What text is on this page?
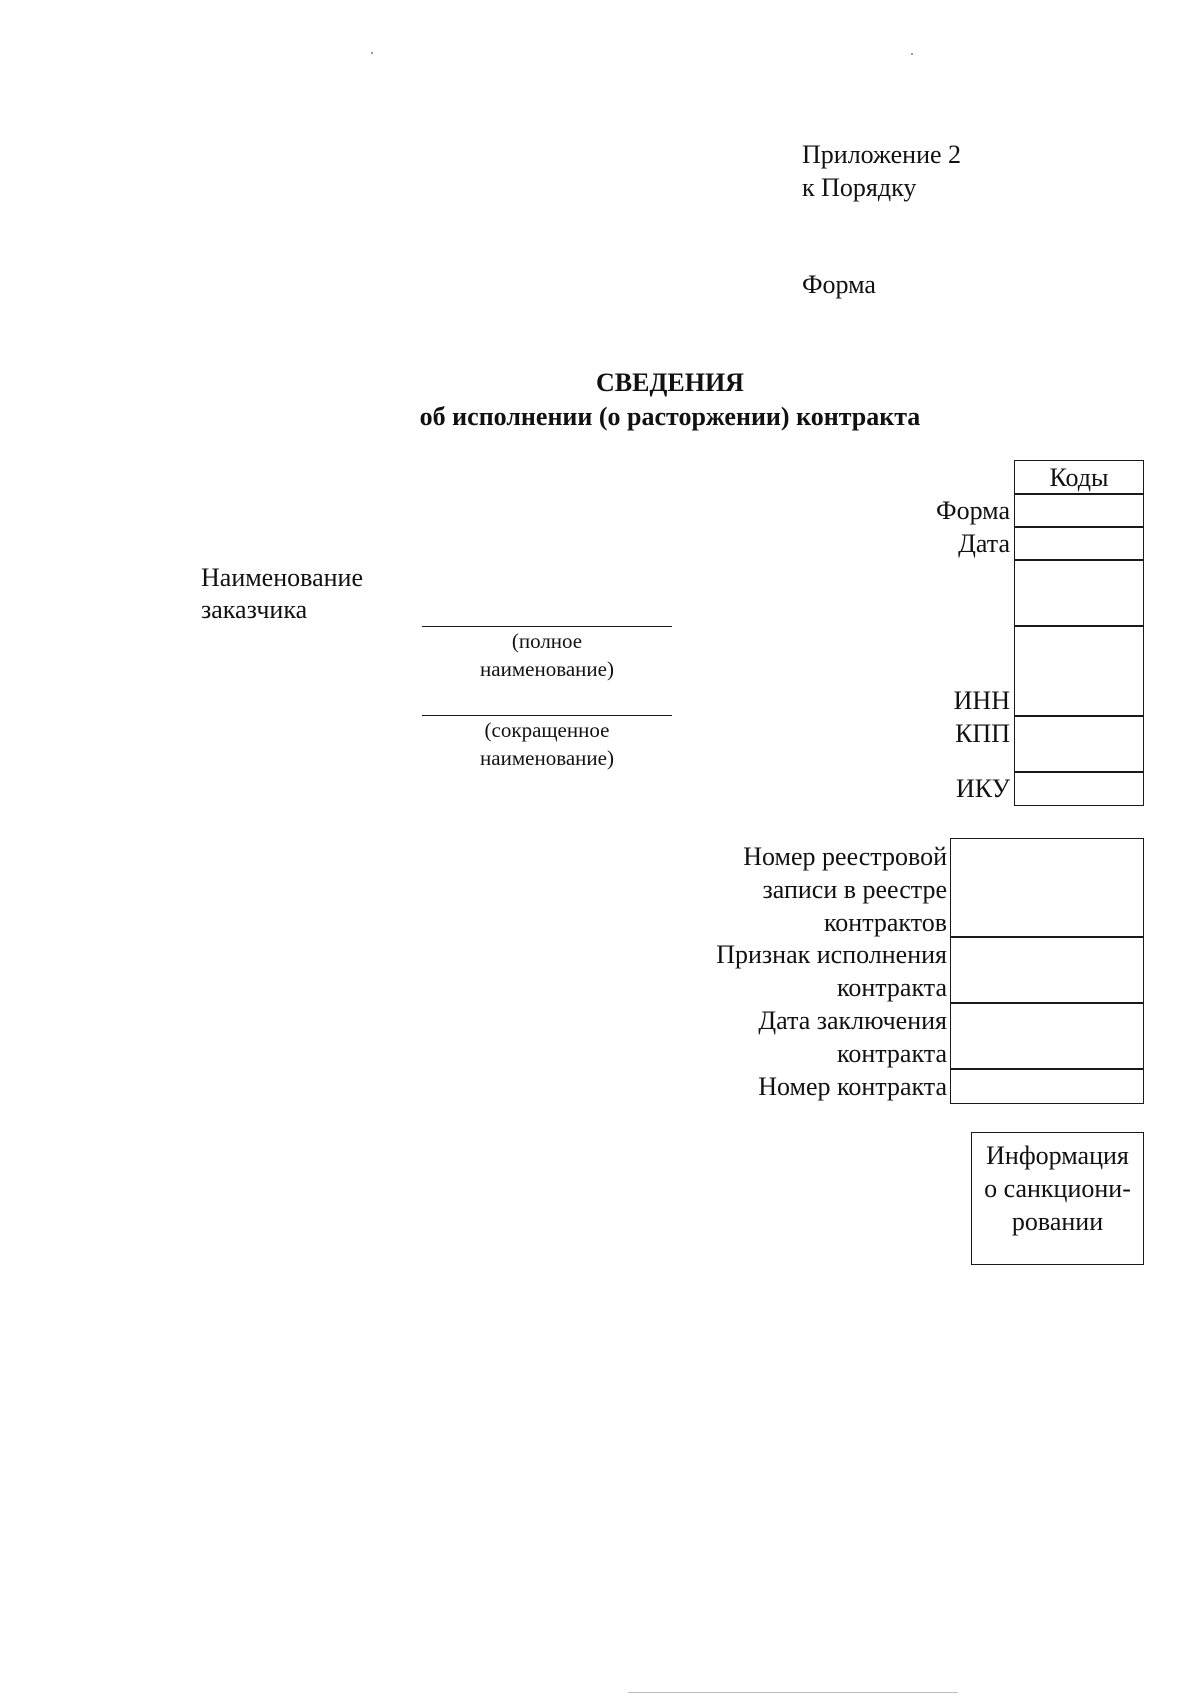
Приложение 2
к Порядку
Форма
СВЕДЕНИЯ
об исполнении (о расторжении) контракта
Коды
Форма
Дата
ИНН
КПП
ИКУ
Наименование
заказчика
(полное
наименование)
(сокращенное
наименование)
Номер реестровой
записи в реестре
контрактов
Признак исполнения
контракта
Дата заключения
контракта
Номер контракта
Информация
о санкциони-
ровании
